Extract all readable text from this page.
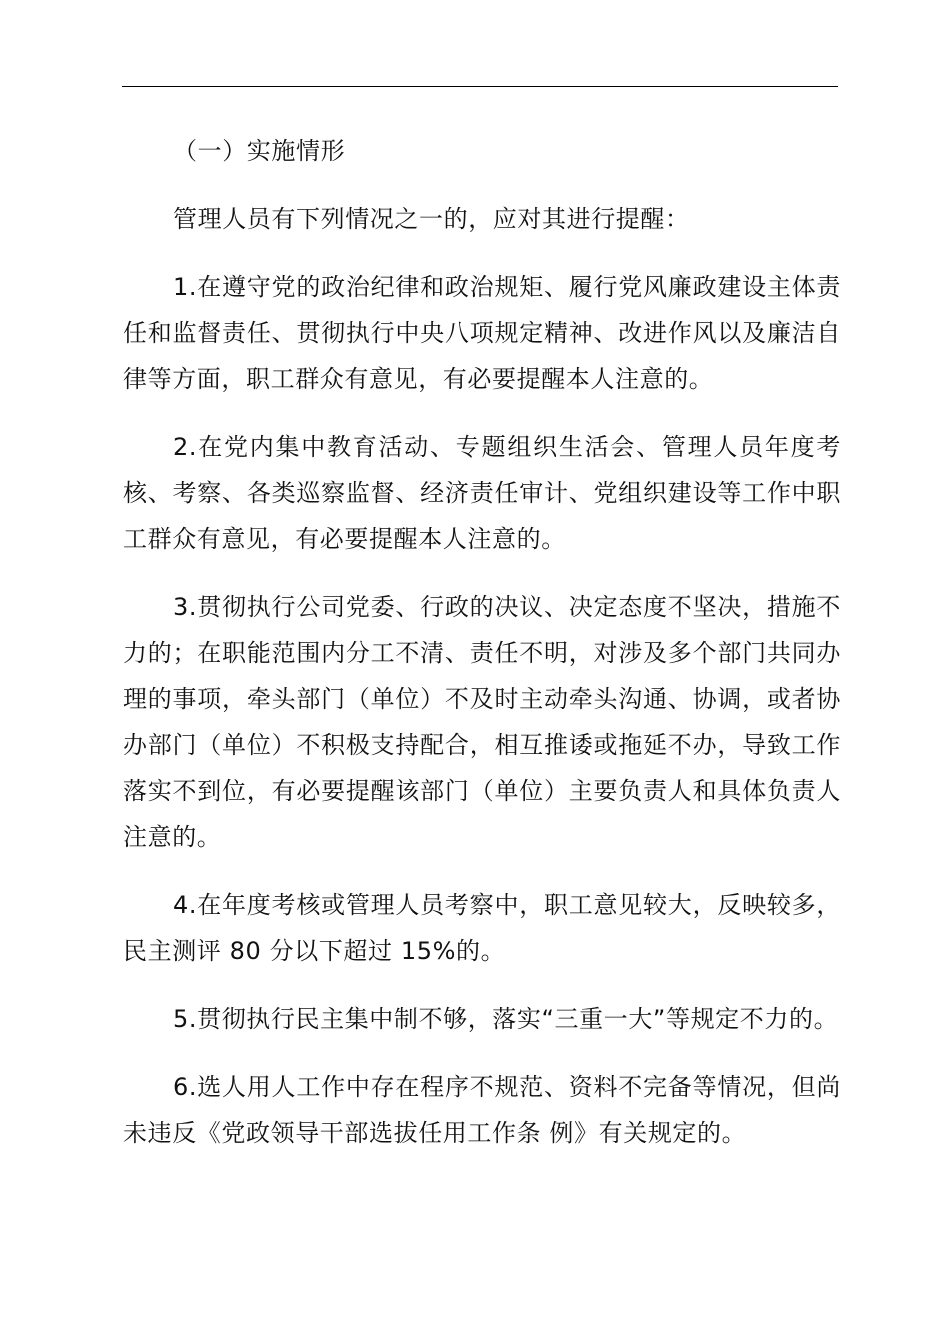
（一）实施情形

管理人员有下列情况之一的，应对其进行提醒：

1.在遵守党的政治纪律和政治规矩、履行党风廉政建设主体责任和监督责任、贯彻执行中央八项规定精神、改进作风以及廉洁自律等方面，职工群众有意见，有必要提醒本人注意的。

2.在党内集中教育活动、专题组织生活会、管理人员年度考核、考察、各类巡察监督、经济责任审计、党组织建设等工作中职工群众有意见，有必要提醒本人注意的。

3.贯彻执行公司党委、行政的决议、决定态度不坚决，措施不力的；在职能范围内分工不清、责任不明，对涉及多个部门共同办理的事项，牵头部门（单位）不及时主动牵头沟通、协调，或者协办部门（单位）不积极支持配合，相互推诿或拖延不办，导致工作落实不到位，有必要提醒该部门（单位）主要负责人和具体负责人注意的。

4.在年度考核或管理人员考察中，职工意见较大，反映较多，民主测评 80 分以下超过 15%的。

5.贯彻执行民主集中制不够，落实“三重一大”等规定不力的。

6.选人用人工作中存在程序不规范、资料不完备等情况，但尚未违反《党政领导干部选拔任用工作条 例》有关规定的。
